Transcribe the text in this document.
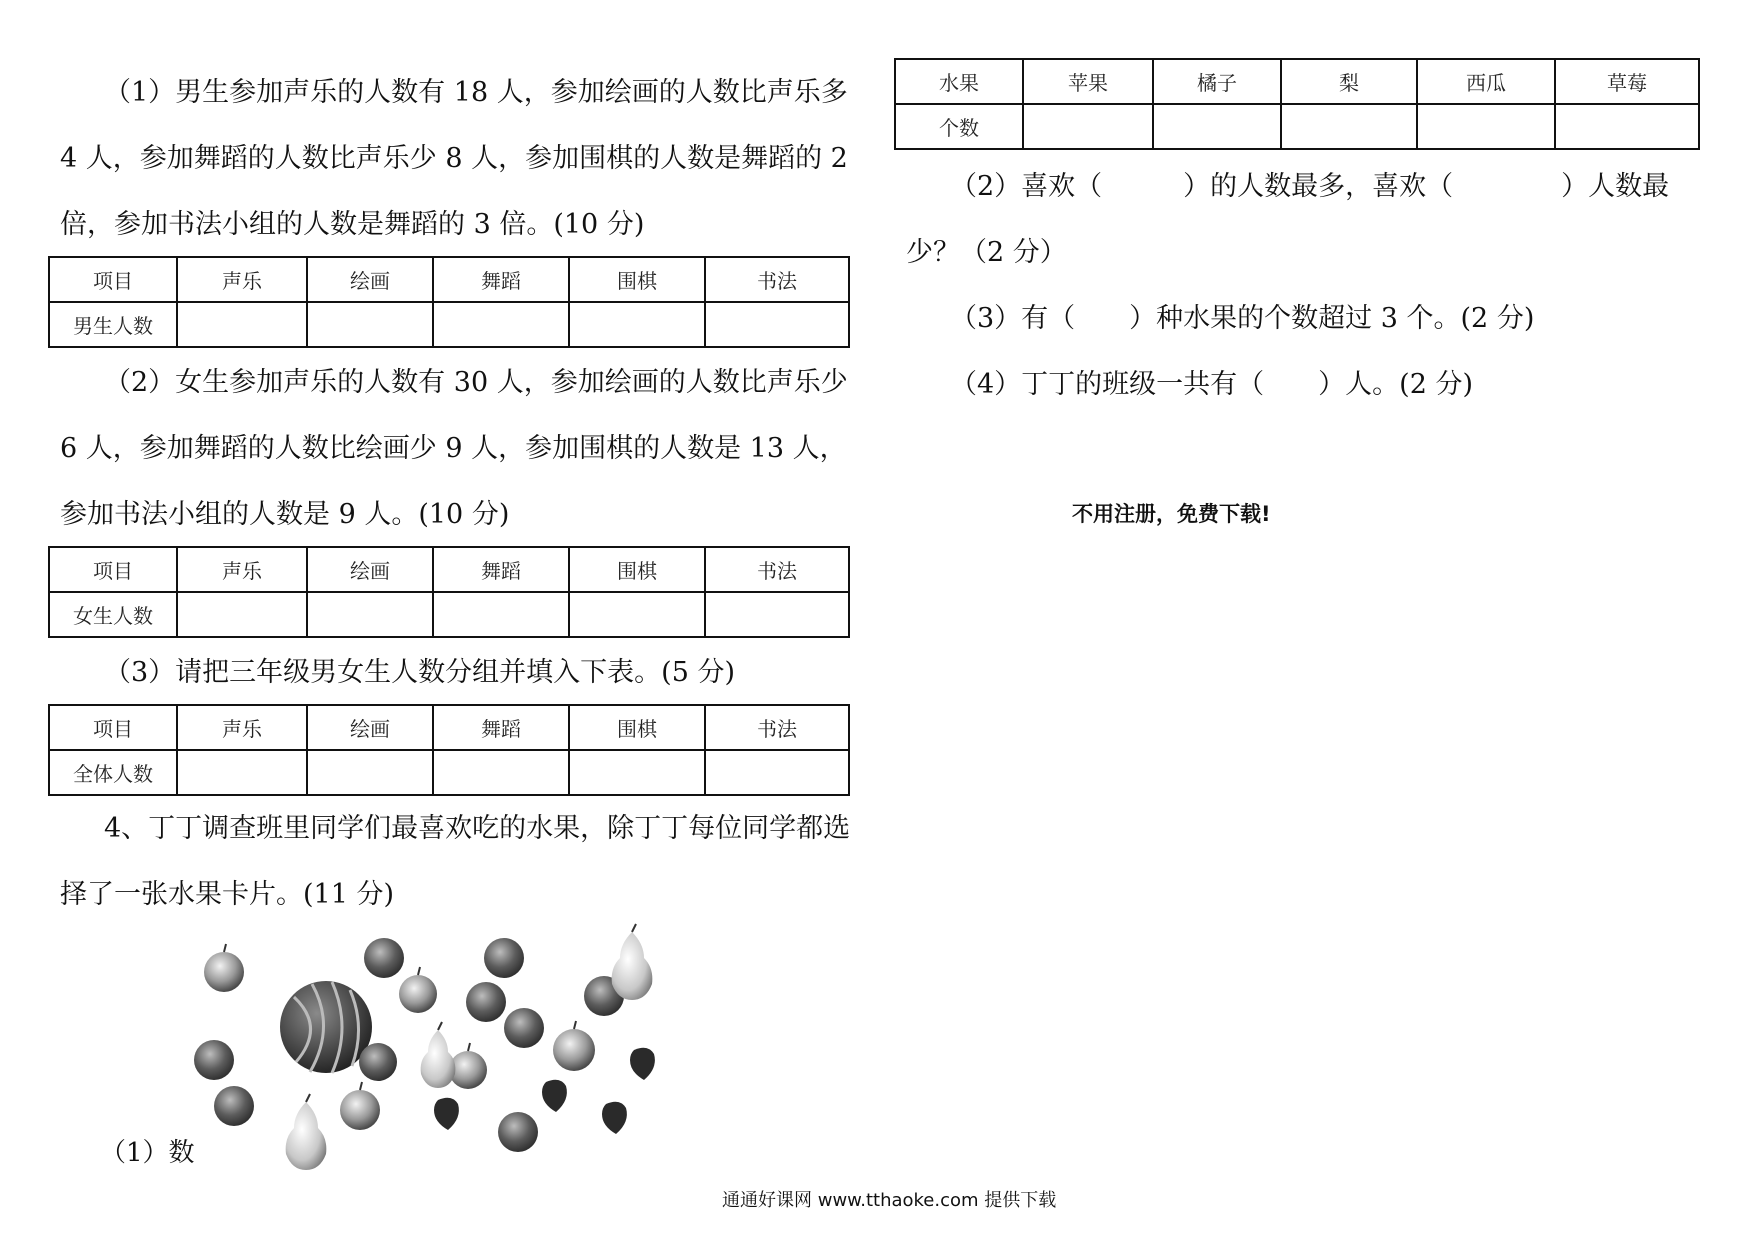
（1）男生参加声乐的人数有 18 人，参加绘画的人数比声乐多 4 人，参加舞蹈的人数比声乐少 8 人，参加围棋的人数是舞蹈的 2 倍，参加书法小组的人数是舞蹈的 3 倍。(10 分)

项目	声乐	绘画	舞蹈	围棋	书法
男生人数					

（2）女生参加声乐的人数有 30 人，参加绘画的人数比声乐少 6 人，参加舞蹈的人数比绘画少 9 人，参加围棋的人数是 13 人，参加书法小组的人数是 9 人。(10 分)

项目	声乐	绘画	舞蹈	围棋	书法
女生人数					

（3）请把三年级男女生人数分组并填入下表。(5 分)

项目	声乐	绘画	舞蹈	围棋	书法
全体人数					

4、丁丁调查班里同学们最喜欢吃的水果，除丁丁每位同学都选择了一张水果卡片。(11 分)

（1）数
水果	苹果	橘子	梨	西瓜	草莓
个数					

（2）喜欢（　　　）的人数最多，喜欢（　　　　）人数最少？（2 分）

（3）有（　　）种水果的个数超过 3 个。(2 分)

（4）丁丁的班级一共有（　　）人。(2 分)

不用注册，免费下载!
通通好课网 www.tthaoke.com 提供下载
